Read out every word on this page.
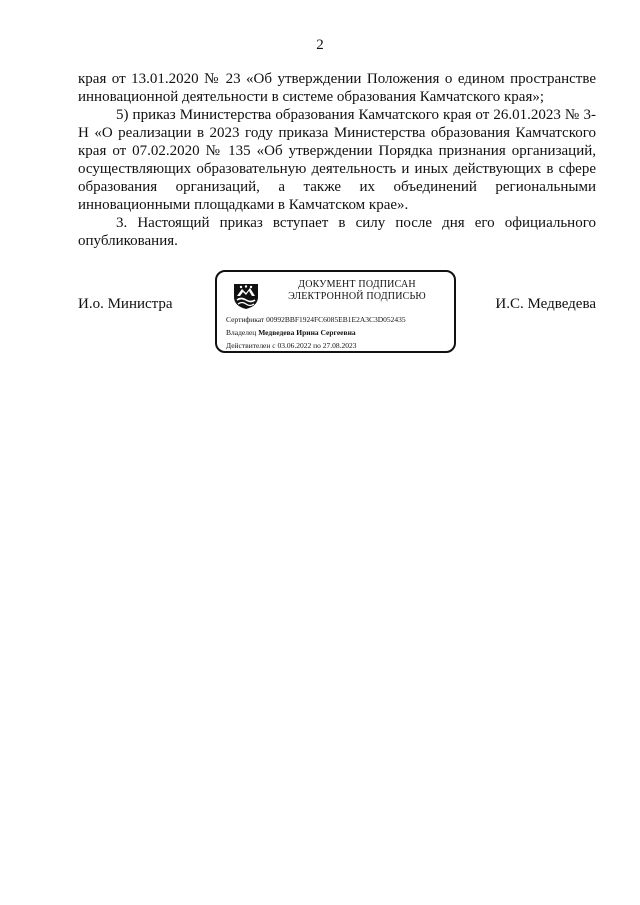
2

края от 13.01.2020 № 23 «Об утверждении Положения о едином пространстве инновационной деятельности в системе образования Камчатского края»;

5) приказ Министерства образования Камчатского края от 26.01.2023 № 3-Н «О реализации в 2023 году приказа Министерства образования Камчатского края от 07.02.2020 № 135 «Об утверждении Порядка признания организаций, осуществляющих образовательную деятельность и иных действующих в сфере образования организаций, а также их объединений региональными инновационными площадками в Камчатском крае».

3. Настоящий приказ вступает в силу после дня его официального опубликования.

И.о. Министра
ДОКУМЕНТ ПОДПИСАН
ЭЛЕКТРОННОЙ ПОДПИСЬЮ
Сертификат 00992BBF1924FC6085EB1E2A3C3D052435
Владелец Медведева Ирина Сергеевна
Действителен с 03.06.2022 по 27.08.2023
И.С. Медведева
